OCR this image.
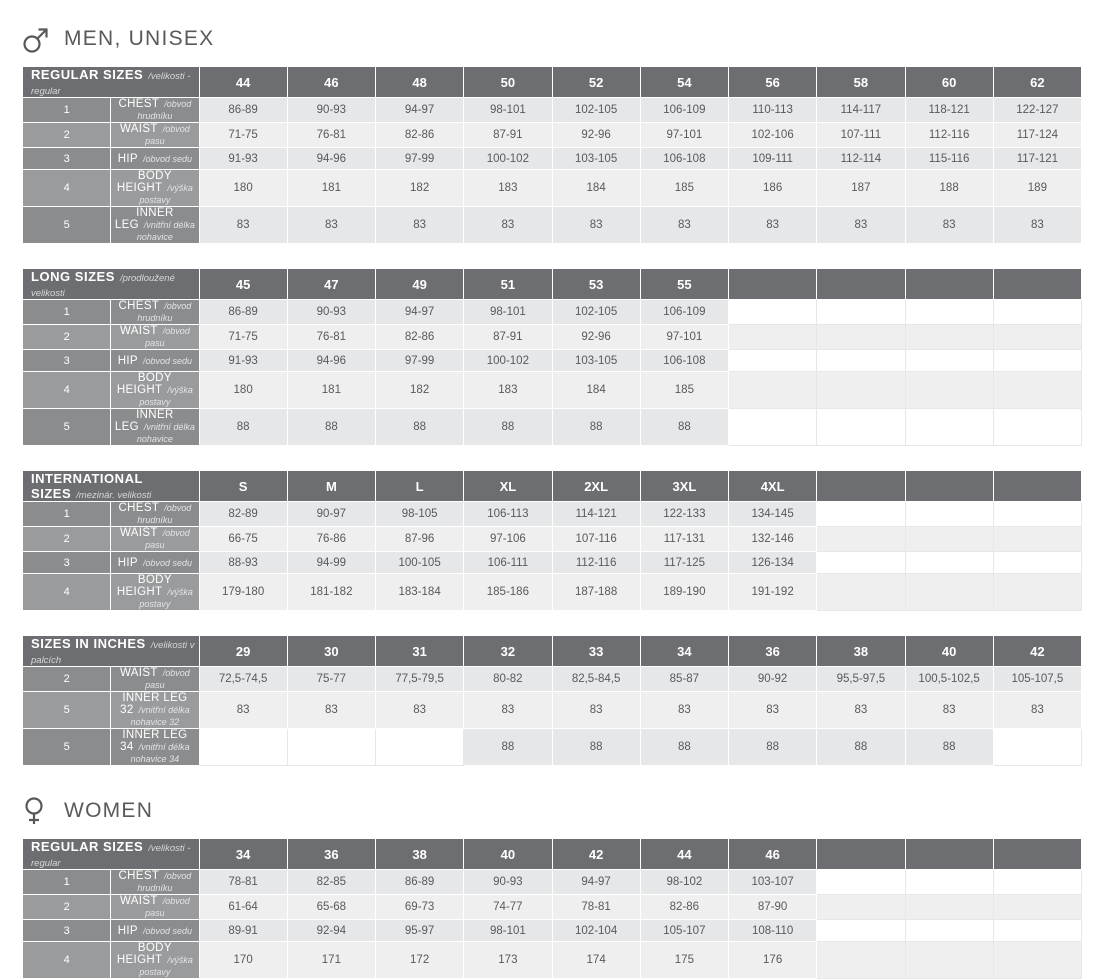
MEN, UNISEX
REGULAR SIZES /velikosti - regular		44	46	48	50	52	54	56	58	60	62
1	CHEST /obvod hrudníku	86-89	90-93	94-97	98-101	102-105	106-109	110-113	114-117	118-121	122-127
2	WAIST /obvod pasu	71-75	76-81	82-86	87-91	92-96	97-101	102-106	107-111	112-116	117-124
3	HIP /obvod sedu	91-93	94-96	97-99	100-102	103-105	106-108	109-111	112-114	115-116	117-121
4	BODY HEIGHT /výška postavy	180	181	182	183	184	185	186	187	188	189
5	INNER LEG /vnitřní délka nohavice	83	83	83	83	83	83	83	83	83	83
LONG SIZES /prodloužené velikosti		45	47	49	51	53	55				
1	CHEST /obvod hrudníku	86-89	90-93	94-97	98-101	102-105	106-109				
2	WAIST /obvod pasu	71-75	76-81	82-86	87-91	92-96	97-101				
3	HIP /obvod sedu	91-93	94-96	97-99	100-102	103-105	106-108				
4	BODY HEIGHT /výška postavy	180	181	182	183	184	185				
5	INNER LEG /vnitřní délka nohavice	88	88	88	88	88	88				
INTERNATIONAL SIZES /mezinár. velikosti		S	M	L	XL	2XL	3XL	4XL			
1	CHEST /obvod hrudníku	82-89	90-97	98-105	106-113	114-121	122-133	134-145			
2	WAIST /obvod pasu	66-75	76-86	87-96	97-106	107-116	117-131	132-146			
3	HIP /obvod sedu	88-93	94-99	100-105	106-111	112-116	117-125	126-134			
4	BODY HEIGHT /výška postavy	179-180	181-182	183-184	185-186	187-188	189-190	191-192			
SIZES IN INCHES /velikosti v palcích		29	30	31	32	33	34	36	38	40	42
2	WAIST /obvod pasu	72,5-74,5	75-77	77,5-79,5	80-82	82,5-84,5	85-87	90-92	95,5-97,5	100,5-102,5	105-107,5
5	INNER LEG 32 /vnitřní délka nohavice 32	83	83	83	83	83	83	83	83	83	83
5	INNER LEG 34 /vnitřní délka nohavice 34				88	88	88	88	88	88	
WOMEN
REGULAR SIZES /velikosti - regular		34	36	38	40	42	44	46			
1	CHEST /obvod hrudníku	78-81	82-85	86-89	90-93	94-97	98-102	103-107			
2	WAIST /obvod pasu	61-64	65-68	69-73	74-77	78-81	82-86	87-90			
3	HIP /obvod sedu	89-91	92-94	95-97	98-101	102-104	105-107	108-110			
4	BODY HEIGHT /výška postavy	170	171	172	173	174	175	176			
